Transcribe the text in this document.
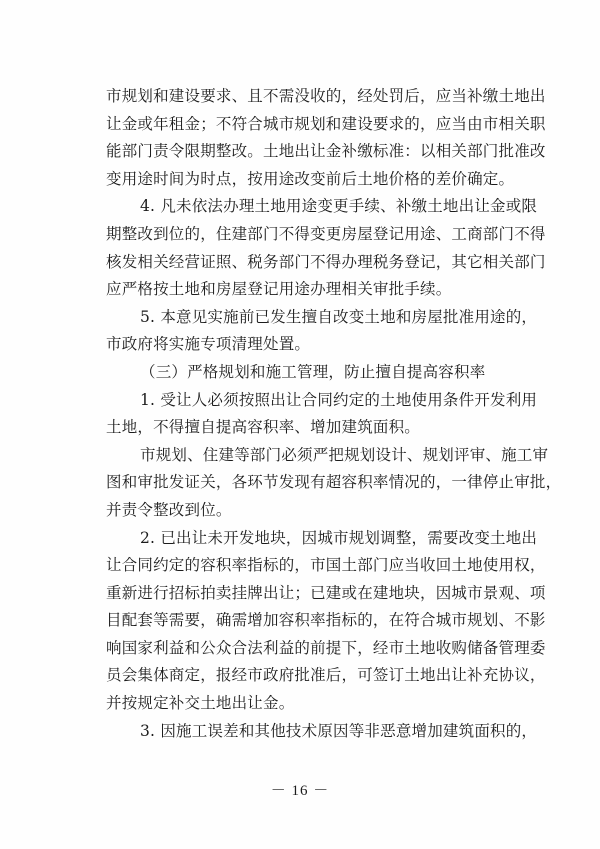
市规划和建设要求、且不需没收的，经处罚后，应当补缴土地出
让金或年租金；不符合城市规划和建设要求的，应当由市相关职
能部门责令限期整改。土地出让金补缴标准：以相关部门批准改
变用途时间为时点，按用途改变前后土地价格的差价确定。
4. 凡未依法办理土地用途变更手续、补缴土地出让金或限
期整改到位的，住建部门不得变更房屋登记用途、工商部门不得
核发相关经营证照、税务部门不得办理税务登记，其它相关部门
应严格按土地和房屋登记用途办理相关审批手续。
5. 本意见实施前已发生擅自改变土地和房屋批准用途的，
市政府将实施专项清理处置。
（三）严格规划和施工管理，防止擅自提高容积率
1. 受让人必须按照出让合同约定的土地使用条件开发利用
土地，不得擅自提高容积率、增加建筑面积。
市规划、住建等部门必须严把规划设计、规划评审、施工审
图和审批发证关，各环节发现有超容积率情况的，一律停止审批，
并责令整改到位。
2. 已出让未开发地块，因城市规划调整，需要改变土地出
让合同约定的容积率指标的，市国土部门应当收回土地使用权，
重新进行招标拍卖挂牌出让；已建或在建地块，因城市景观、项
目配套等需要，确需增加容积率指标的，在符合城市规划、不影
响国家利益和公众合法利益的前提下，经市土地收购储备管理委
员会集体商定，报经市政府批准后，可签订土地出让补充协议，
并按规定补交土地出让金。
3. 因施工误差和其他技术原因等非恶意增加建筑面积的，
－ 16 －
